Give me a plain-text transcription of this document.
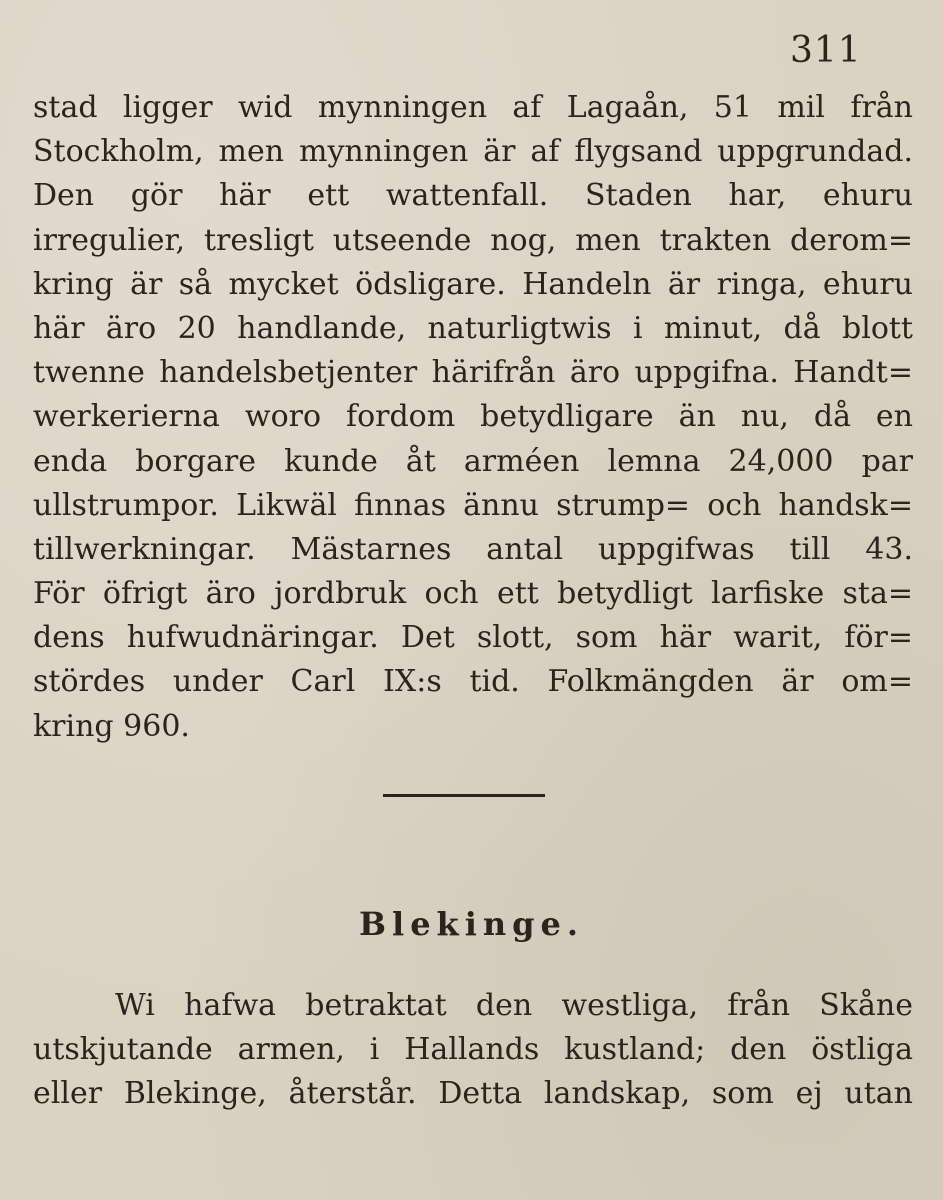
311
stad ligger wid mynningen af Lagaån, 51 mil från
Stockholm, men mynningen är af flygsand uppgrundad.
Den gör här ett wattenfall. Staden har, ehuru
irregulier, tresligt utseende nog, men trakten derom=
kring är så mycket ödsligare. Handeln är ringa, ehuru
här äro 20 handlande, naturligtwis i minut, då blott
twenne handelsbetjenter härifrån äro uppgifna. Handt=
werkerierna woro fordom betydligare än nu, då en
enda borgare kunde åt arméen lemna 24,000 par
ullstrumpor. Likwäl finnas ännu strump= och handsk=
tillwerkningar. Mästarnes antal uppgifwas till 43.
För öfrigt äro jordbruk och ett betydligt larfiske sta=
dens hufwudnäringar. Det slott, som här warit, för=
stördes under Carl IX:s tid. Folkmängden är om=
kring 960.
Blekinge.
Wi hafwa betraktat den westliga, från Skåne
utskjutande armen, i Hallands kustland; den östliga
eller Blekinge, återstår. Detta landskap, som ej utan
